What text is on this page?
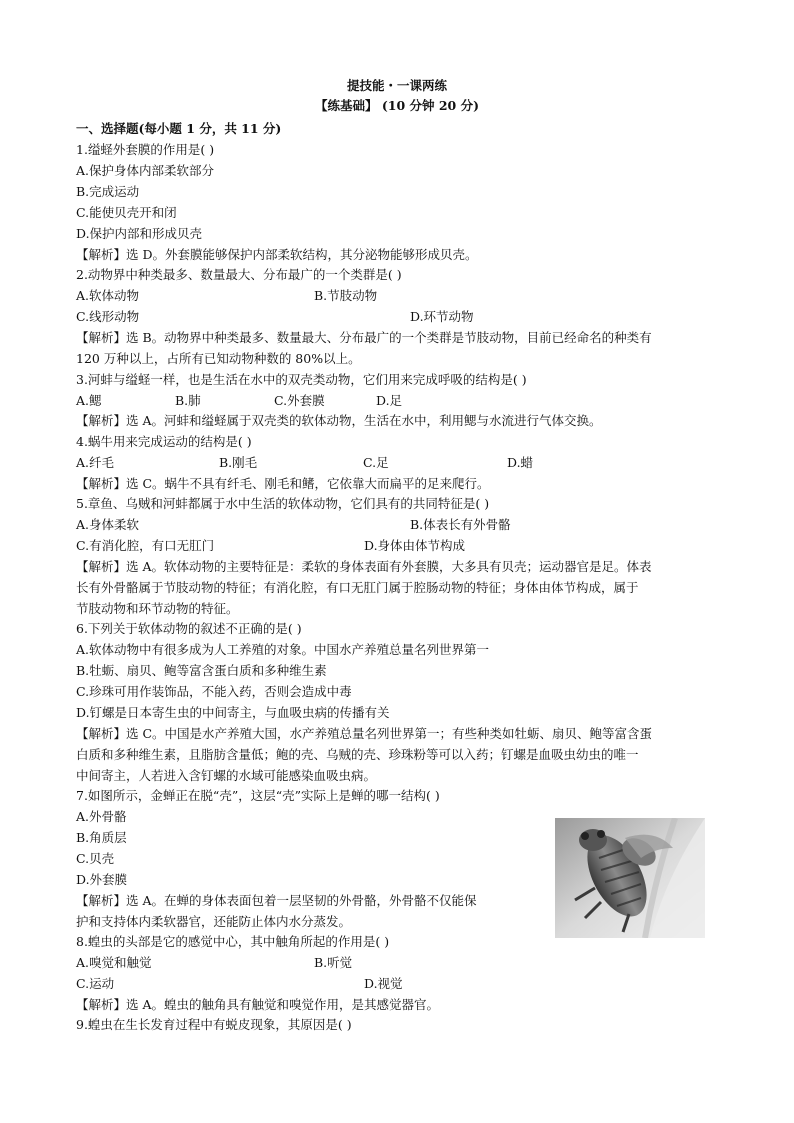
提技能・一课两练
【练基础】 (10 分钟 20 分)
一、选择题(每小题 1 分，共 11 分)
1.缢蛏外套膜的作用是( )
A.保护身体内部柔软部分
B.完成运动
C.能使贝壳开和闭
D.保护内部和形成贝壳
【解析】选 D。外套膜能够保护内部柔软结构，其分泌物能够形成贝壳。
2.动物界中种类最多、数量最大、分布最广的一个类群是( )
A.软体动物	B.节肢动物
C.线形动物	D.环节动物
【解析】选 B。动物界中种类最多、数量最大、分布最广的一个类群是节肢动物，目前已经命名的种类有
120 万种以上，占所有已知动物种数的 80%以上。
3.河蚌与缢蛏一样，也是生活在水中的双壳类动物，它们用来完成呼吸的结构是( )
A.鳃	B.肺	C.外套膜	D.足
【解析】选 A。河蚌和缢蛏属于双壳类的软体动物，生活在水中，利用鳃与水流进行气体交换。
4.蜗牛用来完成运动的结构是( )
A.纤毛	B.刚毛	C.足	D.蜡
【解析】选 C。蜗牛不具有纤毛、刚毛和鳍，它依靠大而扁平的足来爬行。
5.章鱼、乌贼和河蚌都属于水中生活的软体动物，它们具有的共同特征是( )
A.身体柔软	B.体表长有外骨骼
C.有消化腔，有口无肛门	D.身体由体节构成
【解析】选 A。软体动物的主要特征是：柔软的身体表面有外套膜，大多具有贝壳；运动器官是足。体表
长有外骨骼属于节肢动物的特征；有消化腔，有口无肛门属于腔肠动物的特征；身体由体节构成，属于
节肢动物和环节动物的特征。
6.下列关于软体动物的叙述不正确的是( )
A.软体动物中有很多成为人工养殖的对象。中国水产养殖总量名列世界第一
B.牡蛎、扇贝、鲍等富含蛋白质和多种维生素
C.珍珠可用作装饰品，不能入药，否则会造成中毒
D.钉螺是日本寄生虫的中间寄主，与血吸虫病的传播有关
【解析】选 C。中国是水产养殖大国，水产养殖总量名列世界第一；有些种类如牡蛎、扇贝、鲍等富含蛋
白质和多种维生素，且脂肪含量低；鲍的壳、乌贼的壳、珍珠粉等可以入药；钉螺是血吸虫幼虫的唯一
中间寄主，人若进入含钉螺的水域可能感染血吸虫病。
7.如图所示，金蝉正在脱“壳”，这层“壳”实际上是蝉的哪一结构( )
A.外骨骼
B.角质层
C.贝壳
D.外套膜
【解析】选 A。在蝉的身体表面包着一层坚韧的外骨骼，外骨骼不仅能保
护和支持体内柔软器官，还能防止体内水分蒸发。
8.蝗虫的头部是它的感觉中心，其中触角所起的作用是( )
A.嗅觉和触觉	B.听觉
C.运动	D.视觉
【解析】选 A。蝗虫的触角具有触觉和嗅觉作用，是其感觉器官。
9.蝗虫在生长发育过程中有蜕皮现象，其原因是( )
